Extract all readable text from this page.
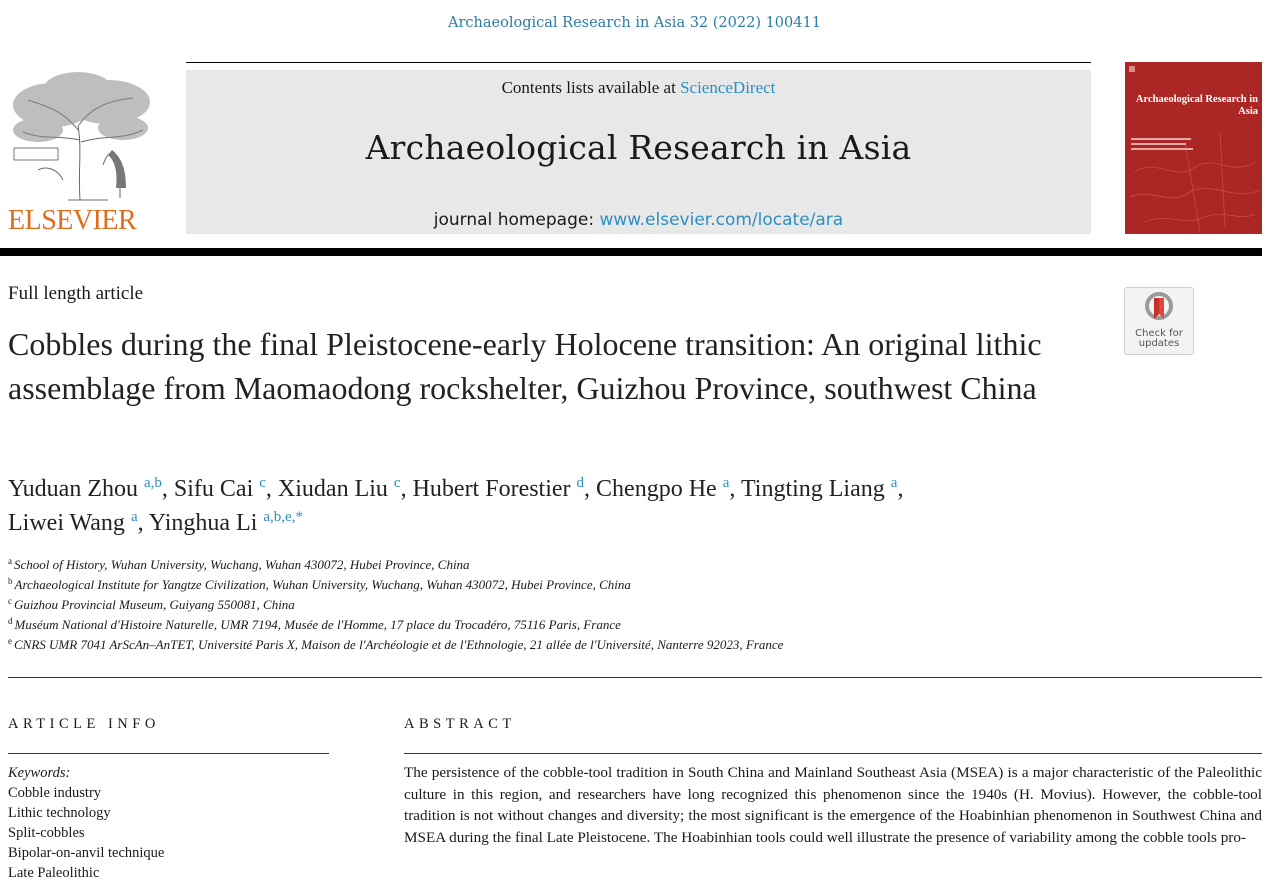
Archaeological Research in Asia 32 (2022) 100411
ELSEVIER
Contents lists available at ScienceDirect
Archaeological Research in Asia
journal homepage: www.elsevier.com/locate/ara
Archaeological Research in Asia
Full length article
Cobbles during the final Pleistocene-early Holocene transition: An original lithic assemblage from Maomaodong rockshelter, Guizhou Province, southwest China
Check for updates
Yuduan Zhou $^{a,b}$, Sifu Cai $^c$, Xiudan Liu $^c$, Hubert Forestier $^d$, Chengpo He $^a$, Tingting Liang $^a$,
Liwei Wang $^a$, Yinghua Li $^{a,b,e,*}$
$^a$ School of History, Wuhan University, Wuchang, Wuhan 430072, Hubei Province, China
$^b$ Archaeological Institute for Yangtze Civilization, Wuhan University, Wuchang, Wuhan 430072, Hubei Province, China
$^c$ Guizhou Provincial Museum, Guiyang 550081, China
$^d$ Muséum National d'Histoire Naturelle, UMR 7194, Musée de l'Homme, 17 place du Trocadéro, 75116 Paris, France
$^e$ CNRS UMR 7041 ArScAn–AnTET, Université Paris X, Maison de l'Archéologie et de l'Ethnologie, 21 allée de l'Université, Nanterre 92023, France
ARTICLE INFO
Keywords:
Cobble industry
Lithic technology
Split-cobbles
Bipolar-on-anvil technique
Late Paleolithic
ABSTRACT
The persistence of the cobble-tool tradition in South China and Mainland Southeast Asia (MSEA) is a major characteristic of the Paleolithic culture in this region, and researchers have long recognized this phenomenon since the 1940s (H. Movius). However, the cobble-tool tradition is not without changes and diversity; the most significant is the emergence of the Hoabinhian phenomenon in Southwest China and MSEA during the final Late Pleistocene. The Hoabinhian tools could well illustrate the presence of variability among the cobble tools pro-
